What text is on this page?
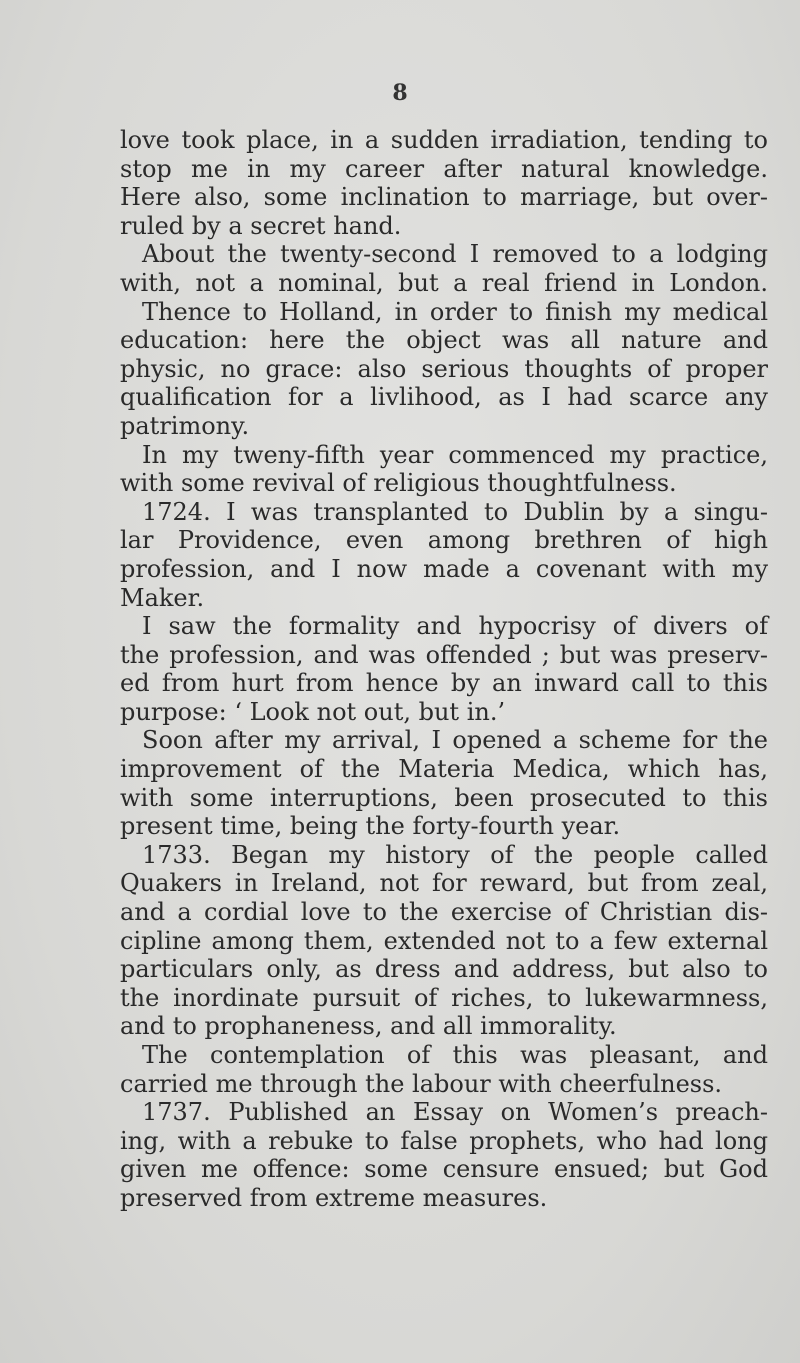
8
love took place, in a sudden irradiation, tending to
stop me in my career after natural knowledge.
Here also, some inclination to marriage, but over-
ruled by a secret hand.
About the twenty-second I removed to a lodging
with, not a nominal, but a real friend in London.
Thence to Holland, in order to finish my medical
education: here the object was all nature and
physic, no grace: also serious thoughts of proper
qualification for a livlihood, as I had scarce any
patrimony.
In my tweny-fifth year commenced my practice,
with some revival of religious thoughtfulness.
1724. I was transplanted to Dublin by a singu-
lar Providence, even among brethren of high
profession, and I now made a covenant with my
Maker.
I saw the formality and hypocrisy of divers of
the profession, and was offended ; but was preserv-
ed from hurt from hence by an inward call to this
purpose: ‘ Look not out, but in.’
Soon after my arrival, I opened a scheme for the
improvement of the Materia Medica, which has,
with some interruptions, been prosecuted to this
present time, being the forty-fourth year.
1733. Began my history of the people called
Quakers in Ireland, not for reward, but from zeal,
and a cordial love to the exercise of Christian dis-
cipline among them, extended not to a few external
particulars only, as dress and address, but also to
the inordinate pursuit of riches, to lukewarmness,
and to prophaneness, and all immorality.
The contemplation of this was pleasant, and
carried me through the labour with cheerfulness.
1737. Published an Essay on Women’s preach-
ing, with a rebuke to false prophets, who had long
given me offence: some censure ensued; but God
preserved from extreme measures.
